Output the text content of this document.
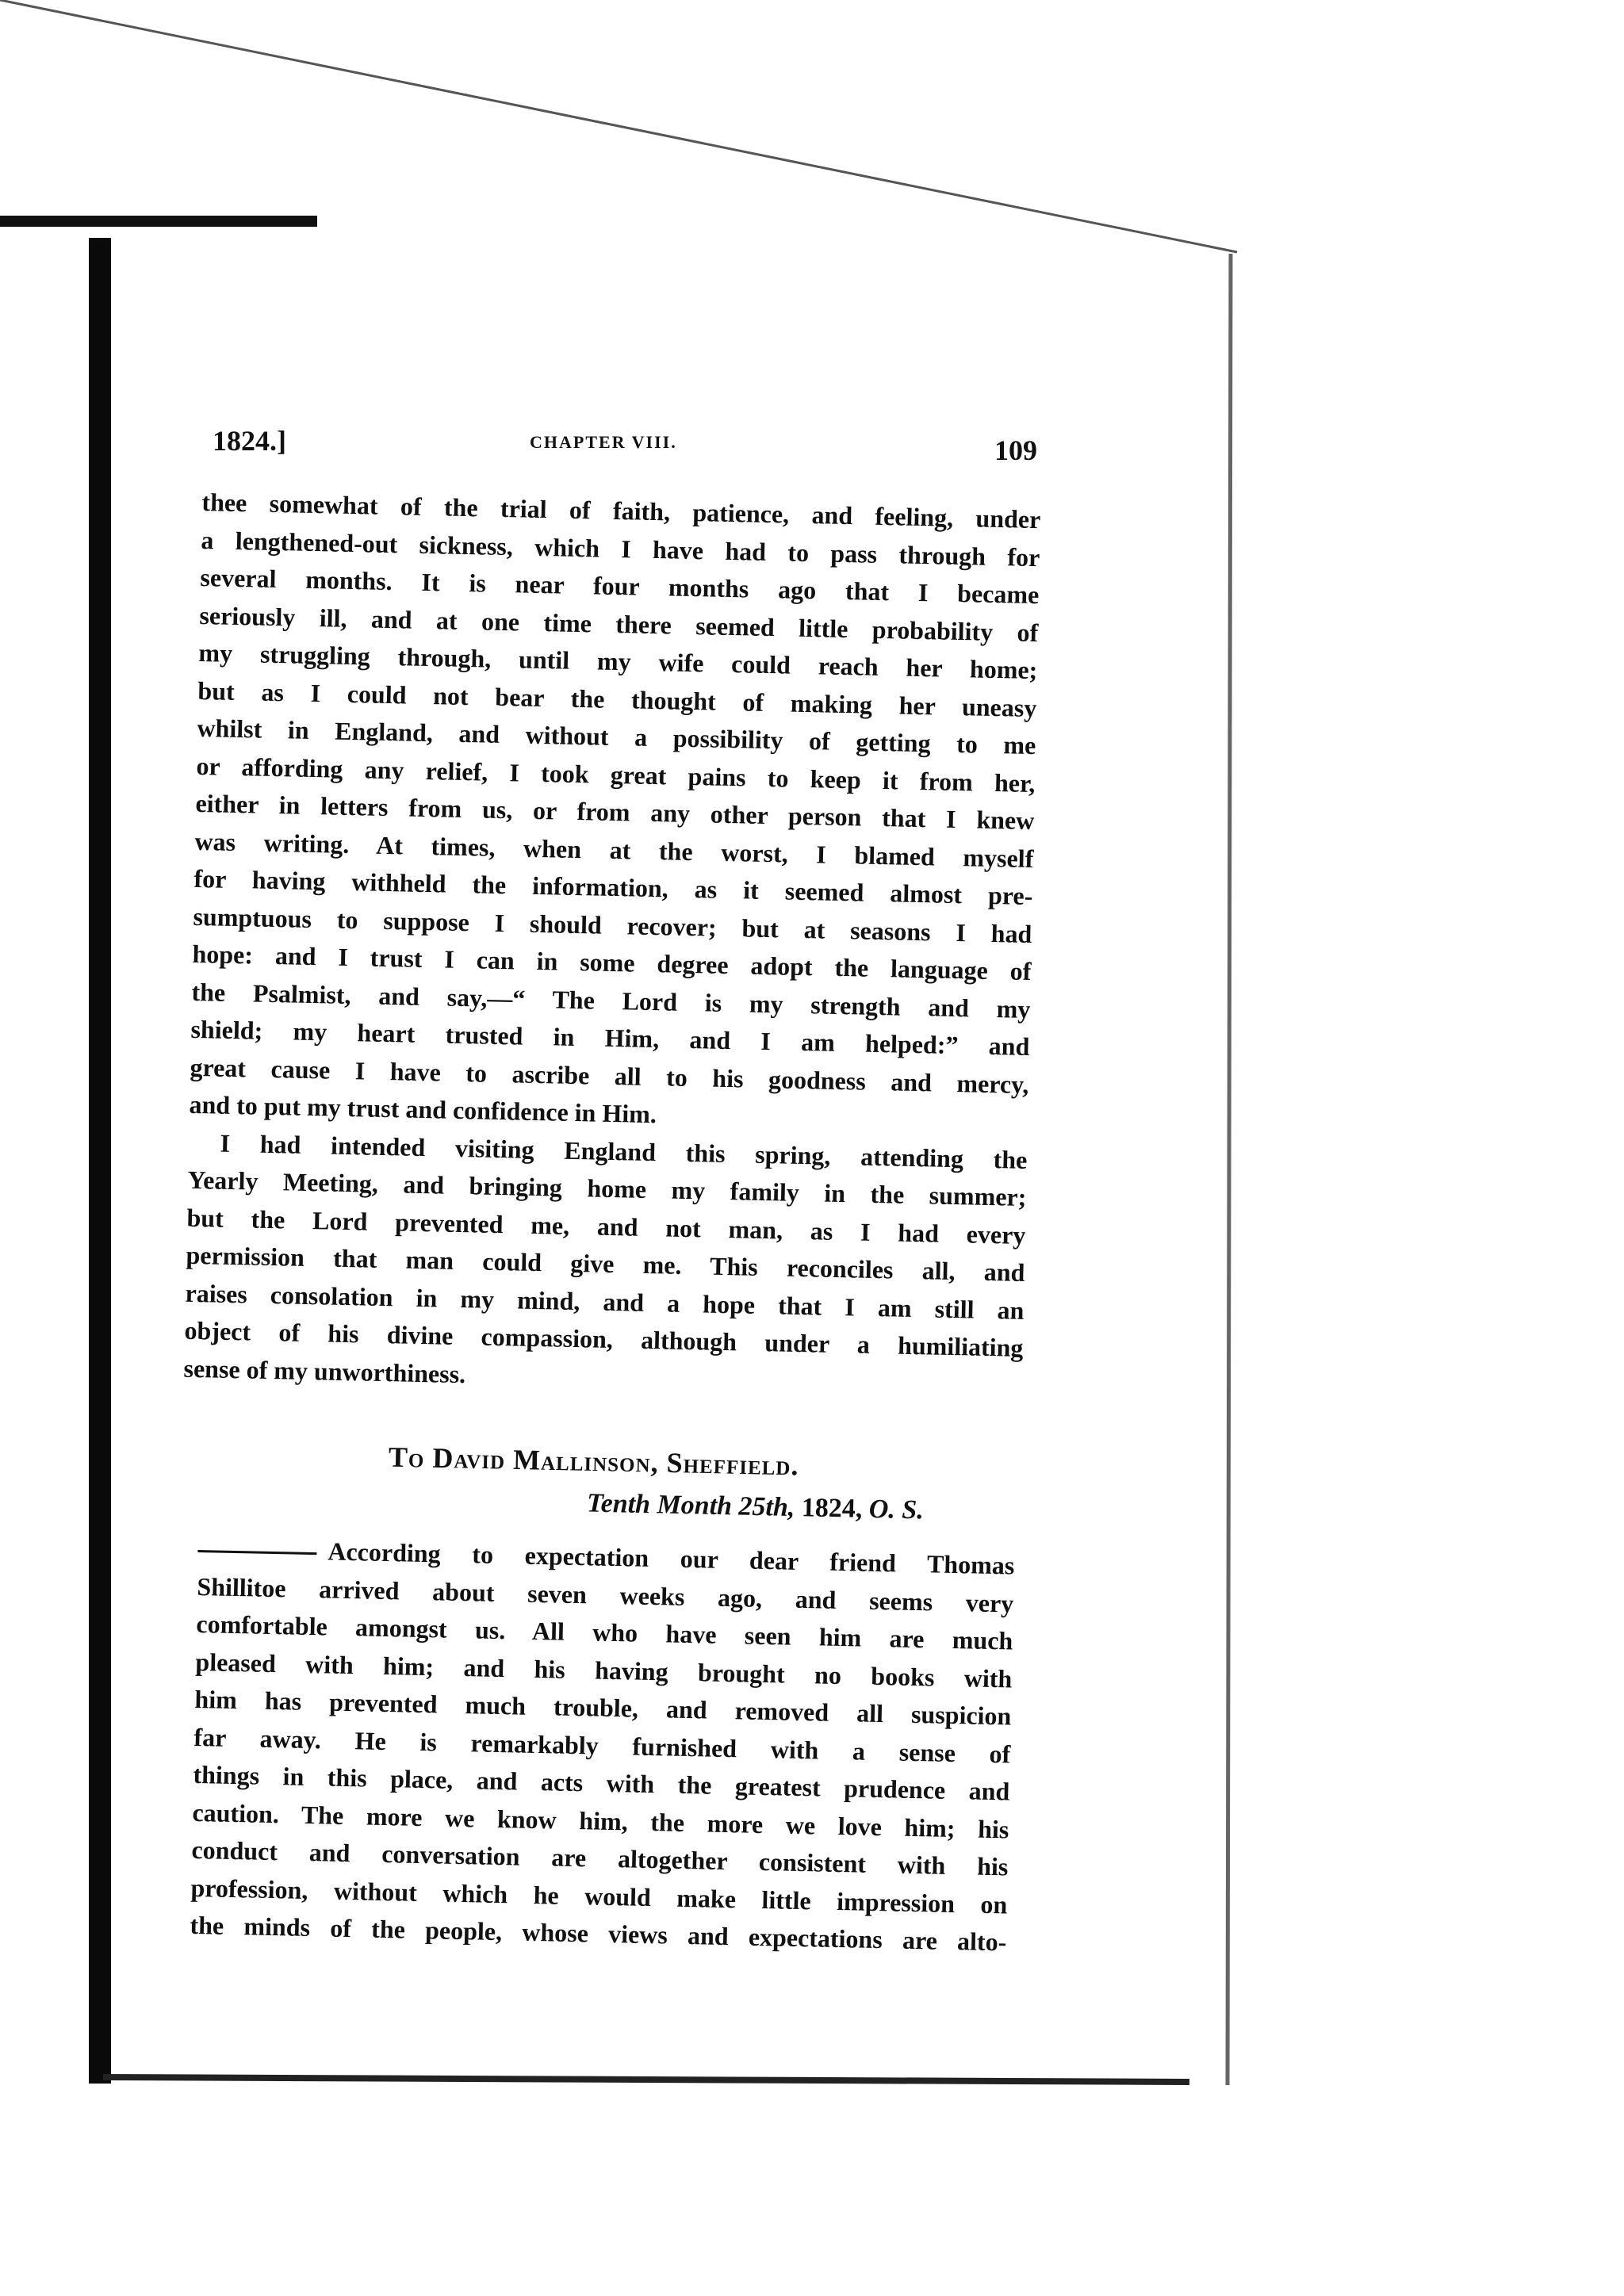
1824.]	CHAPTER VIII.	109

thee somewhat of the trial of faith, patience, and feeling, under
a lengthened-out sickness, which I have had to pass through for
several months. It is near four months ago that I became
seriously ill, and at one time there seemed little probability of
my struggling through, until my wife could reach her home;
but as I could not bear the thought of making her uneasy
whilst in England, and without a possibility of getting to me
or affording any relief, I took great pains to keep it from her,
either in letters from us, or from any other person that I knew
was writing. At times, when at the worst, I blamed myself
for having withheld the information, as it seemed almost pre-
sumptuous to suppose I should recover; but at seasons I had
hope: and I trust I can in some degree adopt the language of
the Psalmist, and say,—“ The Lord is my strength and my
shield; my heart trusted in Him, and I am helped:” and
great cause I have to ascribe all to his goodness and mercy,
and to put my trust and confidence in Him.

I had intended visiting England this spring, attending the
Yearly Meeting, and bringing home my family in the summer;
but the Lord prevented me, and not man, as I had every
permission that man could give me. This reconciles all, and
raises consolation in my mind, and a hope that I am still an
object of his divine compassion, although under a humiliating
sense of my unworthiness.

To David Mallinson, Sheffield.
Tenth Month 25th, 1824, O. S.
According to expectation our dear friend Thomas
Shillitoe arrived about seven weeks ago, and seems very
comfortable amongst us. All who have seen him are much
pleased with him; and his having brought no books with
him has prevented much trouble, and removed all suspicion
far away. He is remarkably furnished with a sense of
things in this place, and acts with the greatest prudence and
caution. The more we know him, the more we love him; his
conduct and conversation are altogether consistent with his
profession, without which he would make little impression on
the minds of the people, whose views and expectations are alto-
